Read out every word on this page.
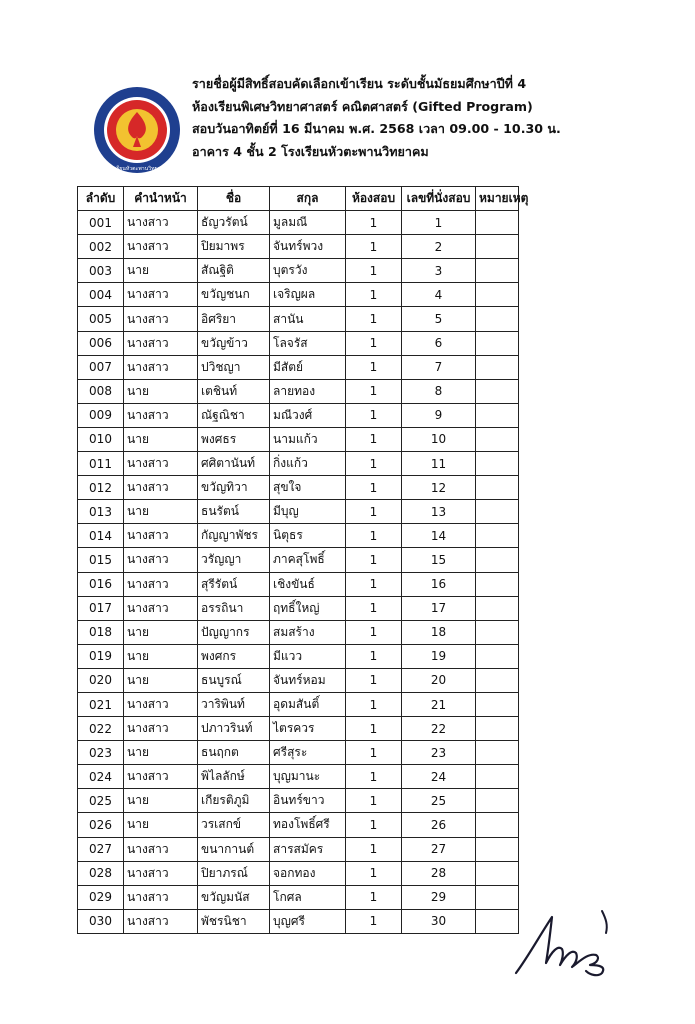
โรงเรียนหัวตะพานวิทยาคม
รายชื่อผู้มีสิทธิ์สอบคัดเลือกเข้าเรียน ระดับชั้นมัธยมศึกษาปีที่ 4
ห้องเรียนพิเศษวิทยาศาสตร์ คณิตศาสตร์ (Gifted Program)
สอบวันอาทิตย์ที่ 16 มีนาคม พ.ศ. 2568 เวลา 09.00 - 10.30 น.
อาคาร 4 ชั้น 2 โรงเรียนหัวตะพานวิทยาคม
ลำดับ	คำนำหน้า	ชื่อ	สกุล	ห้องสอบ	เลขที่นั่งสอบ	หมายเหตุ
001	นางสาว	ธัญวรัตน์	มูลมณี	1	1	
002	นางสาว	ปิยมาพร	จันทร์พวง	1	2	
003	นาย	สัณฐิติ	บุตรวัง	1	3	
004	นางสาว	ขวัญชนก	เจริญผล	1	4	
005	นางสาว	อิศริยา	สานัน	1	5	
006	นางสาว	ขวัญข้าว	โลจรัส	1	6	
007	นางสาว	ปวิชญา	มีสัตย์	1	7	
008	นาย	เตชินท์	ลายทอง	1	8	
009	นางสาว	ณัฐณิชา	มณีวงศ์	1	9	
010	นาย	พงศธร	นามแก้ว	1	10	
011	นางสาว	ศศิตานันท์	กิ่งแก้ว	1	11	
012	นางสาว	ขวัญทิวา	สุขใจ	1	12	
013	นาย	ธนรัตน์	มีบุญ	1	13	
014	นางสาว	กัญญาพัชร	นิตุธร	1	14	
015	นางสาว	วรัญญา	ภาคสุโพธิ์	1	15	
016	นางสาว	สุรีรัตน์	เชิงขันธ์	1	16	
017	นางสาว	อรรถินา	ฤทธิ์ใหญ่	1	17	
018	นาย	ปัญญากร	สมสร้าง	1	18	
019	นาย	พงศกร	มีแวว	1	19	
020	นาย	ธนบูรณ์	จันทร์หอม	1	20	
021	นางสาว	วาริพินท์	อุดมสันติ์	1	21	
022	นางสาว	ปภาวรินท์	ไตรควร	1	22	
023	นาย	ธนฤกต	ศรีสุระ	1	23	
024	นางสาว	พิไลลักษ์	บุญมานะ	1	24	
025	นาย	เกียรติภูมิ	อินทร์ขาว	1	25	
026	นาย	วรเสกข์	ทองโพธิ์ศรี	1	26	
027	นางสาว	ขนากานต์	สารสมัคร	1	27	
028	นางสาว	ปิยาภรณ์	จอกทอง	1	28	
029	นางสาว	ขวัญมนัส	โกศล	1	29	
030	นางสาว	พัชรนิชา	บุญศรี	1	30	
